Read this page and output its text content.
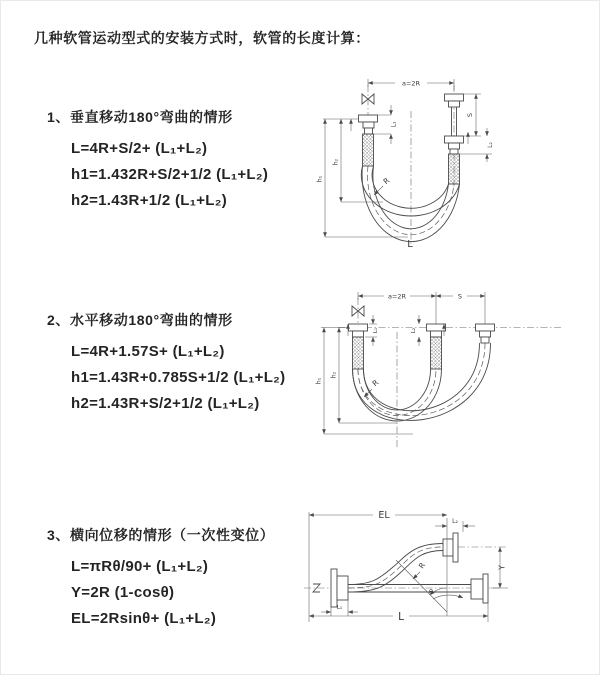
几种软管运动型式的安装方式时，软管的长度计算：
1、垂直移动180°弯曲的情形
L=4R+S/2+ (L₁+L₂)
h1=1.432R+S/2+1/2 (L₁+L₂)
h2=1.43R+1/2 (L₁+L₂)
2、水平移动180°弯曲的情形
L=4R+1.57S+ (L₁+L₂)
h1=1.43R+0.785S+1/2 (L₁+L₂)
h2=1.43R+S/2+1/2 (L₁+L₂)
3、横向位移的情形（一次性变位）
L=πRθ/90+ (L₁+L₂)
Y=2R (1-cosθ)
EL=2Rsinθ+ (L₁+L₂)
a=2R
L₁
S
L₂
h₂
h₁	R
L
a=2R	S
L₁	L₂
h₂
h₁	R
EL
L₂
Y
R
θ
L₁
L
